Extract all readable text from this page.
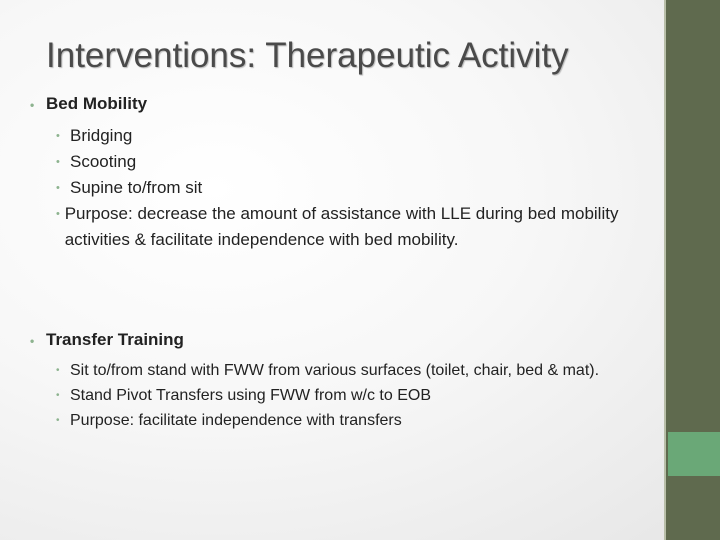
Interventions: Therapeutic Activity
• Bed Mobility
• Bridging
• Scooting
• Supine to/from sit
• Purpose: decrease the amount of assistance with LLE during bed mobility activities & facilitate independence with bed mobility.
• Transfer Training
• Sit to/from stand with FWW from various surfaces (toilet, chair, bed & mat).
• Stand Pivot Transfers using FWW from w/c to EOB
• Purpose: facilitate independence with transfers
